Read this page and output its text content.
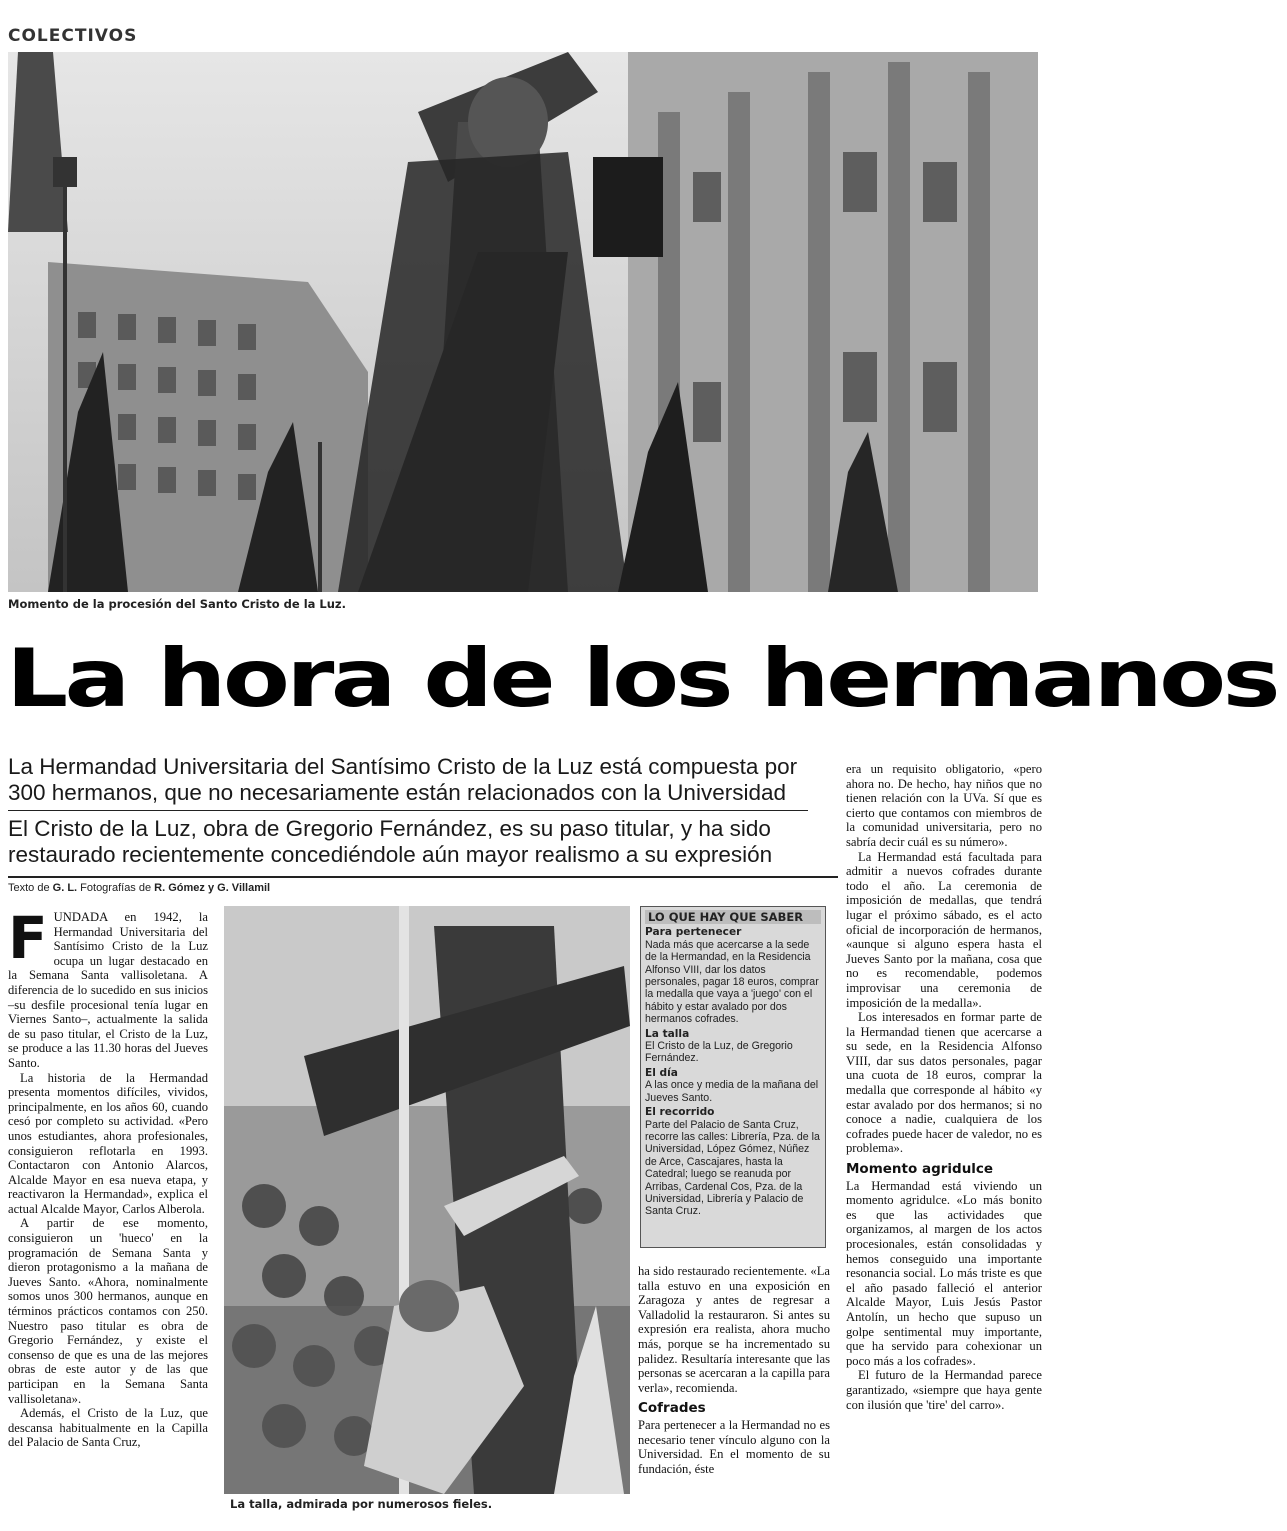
COLECTIVOS
Momento de la procesión del Santo Cristo de la Luz.
La hora de los hermanos
La Hermandad Universitaria del Santísimo Cristo de la Luz está compuesta por 300 hermanos, que no necesariamente están relacionados con la Universidad
El Cristo de la Luz, obra de Gregorio Fernández, es su paso titular, y ha sido restaurado recientemente concediéndole aún mayor realismo a su expresión
Texto de G. L. Fotografías de R. Gómez y G. Villamil

FUNDADA en 1942, la Hermandad Universitaria del Santísimo Cristo de la Luz ocupa un lugar destacado en la Semana Santa vallisoletana. A diferencia de lo sucedido en sus inicios –su desfile procesional tenía lugar en Viernes Santo–, actualmente la salida de su paso titular, el Cristo de la Luz, se produce a las 11.30 horas del Jueves Santo.

La historia de la Hermandad presenta momentos difíciles, vividos, principalmente, en los años 60, cuando cesó por completo su actividad. «Pero unos estudiantes, ahora profesionales, consiguieron reflotarla en 1993. Contactaron con Antonio Alarcos, Alcalde Mayor en esa nueva etapa, y reactivaron la Hermandad», explica el actual Alcalde Mayor, Carlos Alberola.

A partir de ese momento, consiguieron un 'hueco' en la programación de Semana Santa y dieron protagonismo a la mañana de Jueves Santo. «Ahora, nominalmente somos unos 300 hermanos, aunque en términos prácticos contamos con 250. Nuestro paso titular es obra de Gregorio Fernández, y existe el consenso de que es una de las mejores obras de este autor y de las que participan en la Semana Santa vallisoletana».

Además, el Cristo de la Luz, que descansa habitualmente en la Capilla del Palacio de Santa Cruz,

La talla, admirada por numerosos fieles.
LO QUE HAY QUE SABER
Para pertenecer
Nada más que acercarse a la sede de la Hermandad, en la Residencia Alfonso VIII, dar los datos personales, pagar 18 euros, comprar la medalla que vaya a 'juego' con el hábito y estar avalado por dos hermanos cofrades.
La talla
El Cristo de la Luz, de Gregorio Fernández.
El día
A las once y media de la mañana del Jueves Santo.
El recorrido
Parte del Palacio de Santa Cruz, recorre las calles: Librería, Pza. de la Universidad, López Gómez, Núñez de Arce, Cascajares, hasta la Catedral; luego se reanuda por Arribas, Cardenal Cos, Pza. de la Universidad, Librería y Palacio de Santa Cruz.

ha sido restaurado recientemente. «La talla estuvo en una exposición en Zaragoza y antes de regresar a Valladolid la restauraron. Si antes su expresión era realista, ahora mucho más, porque se ha incrementado su palidez. Resultaría interesante que las personas se acercaran a la capilla para verla», recomienda.

Cofrades

Para pertenecer a la Hermandad no es necesario tener vínculo alguno con la Universidad. En el momento de su fundación, éste

era un requisito obligatorio, «pero ahora no. De hecho, hay niños que no tienen relación con la UVa. Sí que es cierto que contamos con miembros de la comunidad universitaria, pero no sabría decir cuál es su número».

La Hermandad está facultada para admitir a nuevos cofrades durante todo el año. La ceremonia de imposición de medallas, que tendrá lugar el próximo sábado, es el acto oficial de incorporación de hermanos, «aunque si alguno espera hasta el Jueves Santo por la mañana, cosa que no es recomendable, podemos improvisar una ceremonia de imposición de la medalla».

Los interesados en formar parte de la Hermandad tienen que acercarse a su sede, en la Residencia Alfonso VIII, dar sus datos personales, pagar una cuota de 18 euros, comprar la medalla que corresponde al hábito «y estar avalado por dos hermanos; si no conoce a nadie, cualquiera de los cofrades puede hacer de valedor, no es problema».

Momento agridulce

La Hermandad está viviendo un momento agridulce. «Lo más bonito es que las actividades que organizamos, al margen de los actos procesionales, están consolidadas y hemos conseguido una importante resonancia social. Lo más triste es que el año pasado falleció el anterior Alcalde Mayor, Luis Jesús Pastor Antolín, un hecho que supuso un golpe sentimental muy importante, que ha servido para cohexionar un poco más a los cofrades».

El futuro de la Hermandad parece garantizado, «siempre que haya gente con ilusión que 'tire' del carro».
